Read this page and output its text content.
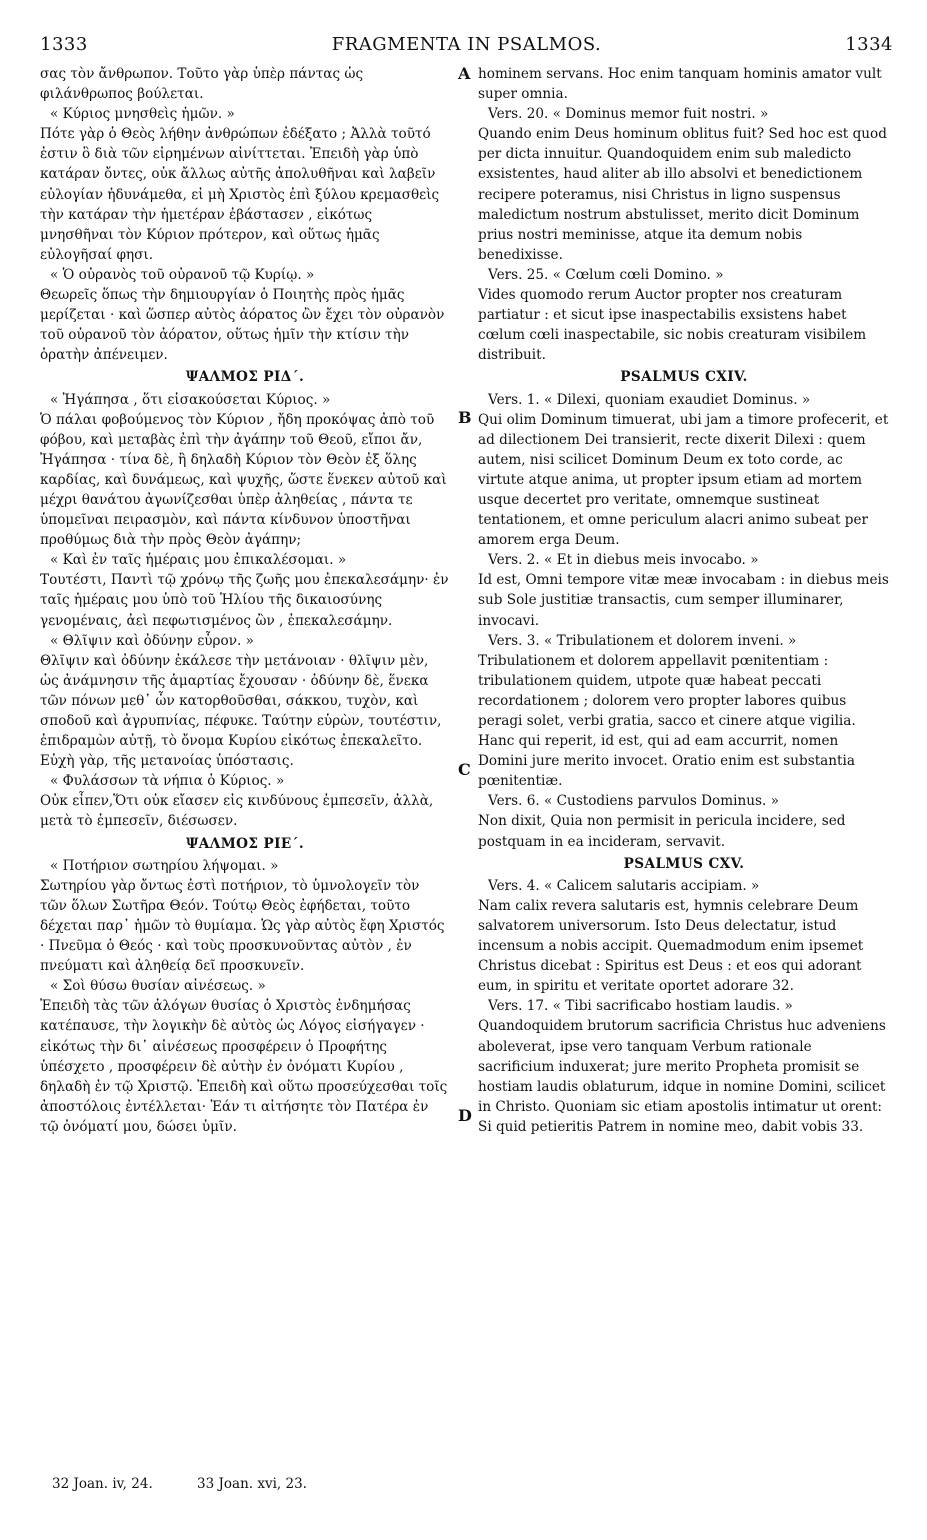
1333	FRAGMENTA IN PSALMOS.	1334

σας τὸν ἄνθρωπον. Τοῦτο γὰρ ὑπὲρ πάντας ὡς φιλάνθρωπος βούλεται.

« Κύριος μνησθεὶς ἡμῶν. »

Πότε γὰρ ὁ Θεὸς λήθην ἀνθρώπων ἐδέξατο ; Ἀλλὰ τοῦτό ἐστιν ὃ διὰ τῶν εἰρημένων αἰνίττεται. Ἐπειδὴ γὰρ ὑπὸ κατάραν ὄντες, οὐκ ἄλλως αὐτῆς ἀπολυθῆναι καὶ λαβεῖν εὐλογίαν ἠδυνάμεθα, εἰ μὴ Χριστὸς ἐπὶ ξύλου κρεμασθεὶς τὴν κατάραν τὴν ἡμετέραν ἐβάστασεν , εἰκότως μνησθῆναι τὸν Κύριον πρότερον, καὶ οὕτως ἡμᾶς εὐλογῆσαί φησι.

« Ὁ οὐρανὸς τοῦ οὐρανοῦ τῷ Κυρίῳ. »

Θεωρεῖς ὅπως τὴν δημιουργίαν ὁ Ποιητὴς πρὸς ἡμᾶς μερίζεται · καὶ ὥσπερ αὐτὸς ἀόρατος ὢν ἔχει τὸν οὐρανὸν τοῦ οὐρανοῦ τὸν ἀόρατον, οὕτως ἡμῖν τὴν κτίσιν τὴν ὁρατὴν ἀπένειμεν.

ΨΑΛΜΟΣ ΡΙΔ΄.

« Ἠγάπησα , ὅτι εἰσακούσεται Κύριος. »

Ὁ πάλαι φοβούμενος τὸν Κύριον , ἤδη προκόψας ἀπὸ τοῦ φόβου, καὶ μεταβὰς ἐπὶ τὴν ἀγάπην τοῦ Θεοῦ, εἴποι ἄν, Ἠγάπησα · τίνα δὲ, ἢ δηλαδὴ Κύριον τὸν Θεὸν ἐξ ὅλης καρδίας, καὶ δυνάμεως, καὶ ψυχῆς, ὥστε ἕνεκεν αὐτοῦ καὶ μέχρι θανάτου ἀγωνίζεσθαι ὑπὲρ ἀληθείας , πάντα τε ὑπομεῖναι πειρασμὸν, καὶ πάντα κίνδυνον ὑποστῆναι προθύμως διὰ τὴν πρὸς Θεὸν ἀγάπην;

« Καὶ ἐν ταῖς ἡμέραις μου ἐπικαλέσομαι. »

Τουτέστι, Παντὶ τῷ χρόνῳ τῆς ζωῆς μου ἐπεκαλεσάμην· ἐν ταῖς ἡμέραις μου ὑπὸ τοῦ Ἡλίου τῆς δικαιοσύνης γενομέναις, ἀεὶ πεφωτισμένος ὢν , ἐπεκαλεσάμην.

« Θλῖψιν καὶ ὀδύνην εὗρον. »

Θλῖψιν καὶ ὀδύνην ἐκάλεσε τὴν μετάνοιαν · θλῖψιν μὲν, ὡς ἀνάμνησιν τῆς ἁμαρτίας ἔχουσαν · ὀδύνην δὲ, ἕνεκα τῶν πόνων μεθ᾿ ὧν κατορθοῦσθαι, σάκκου, τυχὸν, καὶ σποδοῦ καὶ ἀγρυπνίας, πέφυκε. Ταύτην εὑρὼν, τουτέστιν, ἐπιδραμὼν αὐτῇ, τὸ ὄνομα Κυρίου εἰκότως ἐπεκαλεῖτο. Εὐχὴ γὰρ, τῆς μετανοίας ὑπόστασις.

« Φυλάσσων τὰ νήπια ὁ Κύριος. »

Οὐκ εἶπεν,Ὅτι οὐκ εἴασεν εἰς κινδύνους ἐμπεσεῖν, ἀλλὰ, μετὰ τὸ ἐμπεσεῖν, διέσωσεν.

ΨΑΛΜΟΣ ΡΙΕ΄.

« Ποτήριον σωτηρίου λήψομαι. »

Σωτηρίου γὰρ ὄντως ἐστὶ ποτήριον, τὸ ὑμνολογεῖν τὸν τῶν ὅλων Σωτῆρα Θεόν. Τούτῳ Θεὸς ἐφήδεται, τοῦτο δέχεται παρ᾿ ἡμῶν τὸ θυμίαμα. Ὡς γὰρ αὐτὸς ἔφη Χριστός · Πνεῦμα ὁ Θεός · καὶ τοὺς προσκυνοῦντας αὐτὸν , ἐν πνεύματι καὶ ἀληθείᾳ δεῖ προσκυνεῖν.

« Σοὶ θύσω θυσίαν αἰνέσεως. »

Ἐπειδὴ τὰς τῶν ἀλόγων θυσίας ὁ Χριστὸς ἐνδημήσας κατέπαυσε, τὴν λογικὴν δὲ αὐτὸς ὡς Λόγος εἰσήγαγεν · εἰκότως τὴν δι᾿ αἰνέσεως προσφέρειν ὁ Προφήτης ὑπέσχετο , προσφέρειν δὲ αὐτὴν ἐν ὀνόματι Κυρίου , δηλαδὴ ἐν τῷ Χριστῷ. Ἐπειδὴ καὶ οὕτω προσεύχεσθαι τοῖς ἀποστόλοις ἐντέλλεται· Ἐάν τι αἰτήσητε τὸν Πατέρα ἐν τῷ ὀνόματί μου, δώσει ὑμῖν.

hominem servans. Hoc enim tanquam hominis amator vult super omnia.

Vers. 20. « Dominus memor fuit nostri. »

Quando enim Deus hominum oblitus fuit? Sed hoc est quod per dicta innuitur. Quandoquidem enim sub maledicto exsistentes, haud aliter ab illo absolvi et benedictionem recipere poteramus, nisi Christus in ligno suspensus maledictum nostrum abstulisset, merito dicit Dominum prius nostri meminisse, atque ita demum nobis benedixisse.

Vers. 25. « Cœlum cœli Domino. »

Vides quomodo rerum Auctor propter nos creaturam partiatur : et sicut ipse inaspectabilis exsistens habet cœlum cœli inaspectabile, sic nobis creaturam visibilem distribuit.

PSALMUS CXIV.

Vers. 1. « Dilexi, quoniam exaudiet Dominus. »

Qui olim Dominum timuerat, ubi jam a timore profecerit, et ad dilectionem Dei transierit, recte dixerit Dilexi : quem autem, nisi scilicet Dominum Deum ex toto corde, ac virtute atque anima, ut propter ipsum etiam ad mortem usque decertet pro veritate, omnemque sustineat tentationem, et omne periculum alacri animo subeat per amorem erga Deum.

Vers. 2. « Et in diebus meis invocabo. »

Id est, Omni tempore vitæ meæ invocabam : in diebus meis sub Sole justitiæ transactis, cum semper illuminarer, invocavi.

Vers. 3. « Tribulationem et dolorem inveni. »

Tribulationem et dolorem appellavit pœnitentiam : tribulationem quidem, utpote quæ habeat peccati recordationem ; dolorem vero propter labores quibus peragi solet, verbi gratia, sacco et cinere atque vigilia. Hanc qui reperit, id est, qui ad eam accurrit, nomen Domini jure merito invocet. Oratio enim est substantia pœnitentiæ.

Vers. 6. « Custodiens parvulos Dominus. »

Non dixit, Quia non permisit in pericula incidere, sed postquam in ea incideram, servavit.

PSALMUS CXV.

Vers. 4. « Calicem salutaris accipiam. »

Nam calix revera salutaris est, hymnis celebrare Deum salvatorem universorum. Isto Deus delectatur, istud incensum a nobis accipit. Quemadmodum enim ipsemet Christus dicebat : Spiritus est Deus : et eos qui adorant eum, in spiritu et veritate oportet adorare 32.

Vers. 17. « Tibi sacrificabo hostiam laudis. »

Quandoquidem brutorum sacrificia Christus huc adveniens aboleverat, ipse vero tanquam Verbum rationale sacrificium induxerat; jure merito Propheta promisit se hostiam laudis oblaturum, idque in nomine Domini, scilicet in Christo. Quoniam sic etiam apostolis intimatur ut orent: Si quid petieritis Patrem in nomine meo, dabit vobis 33.

A
B
C
D
32 Joan. iv, 24.	33 Joan. xvi, 23.
